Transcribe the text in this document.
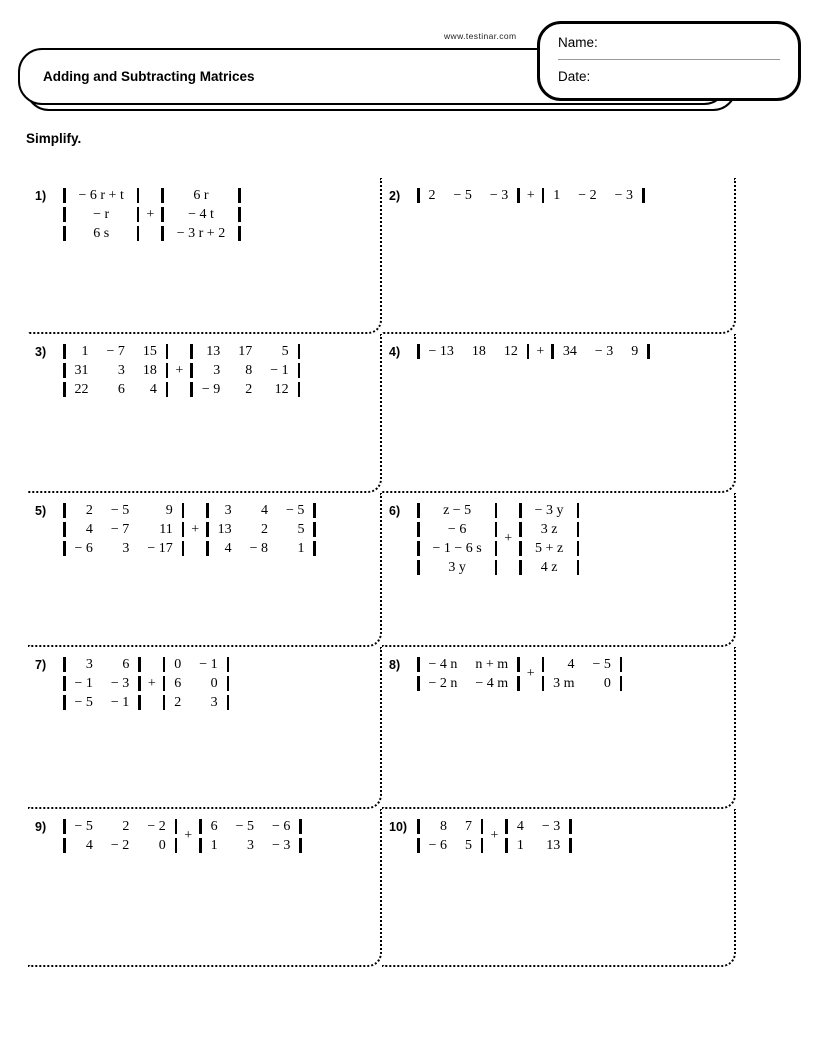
www.testinar.com
Adding and Subtracting Matrices
Name:
Date:
Simplify.
1)
		− 6 r + t	

	− r	

	6 s	
+
	6 r	

	− 4 t	

	− 3 r + 2	
2)
		2	− 5	− 3	+
	1	− 2	− 3	
3)
		1	− 7	15	

	31	3	18	

	22	6	4	
+
	13	17	5	

	3	8	− 1	

	− 9	2	12	
4)
		− 13	18	12	+
	34	− 3	9	
5)
		2	− 5	9	

	4	− 7	11	

	− 6	3	− 17	
+
	3	4	− 5	

	13	2	5	

	4	− 8	1	
6)
		z − 5	

	− 6	

	− 1 − 6 s	

	3 y	
+
	− 3 y	

	3 z	

	5 + z	

	4 z	
7)
		3	6	

	− 1	− 3	

	− 5	− 1	
+
	0	− 1	

	6	0	

	2	3	
8)
		− 4 n	n + m	

	− 2 n	− 4 m	
+
	4	− 5	

	3 m	0	
9)
		− 5	2	− 2	

	4	− 2	0	
+
	6	− 5	− 6	

	1	3	− 3	
10)
	8	7	

	− 6	5	
+
	4	− 3	

	1	13	
